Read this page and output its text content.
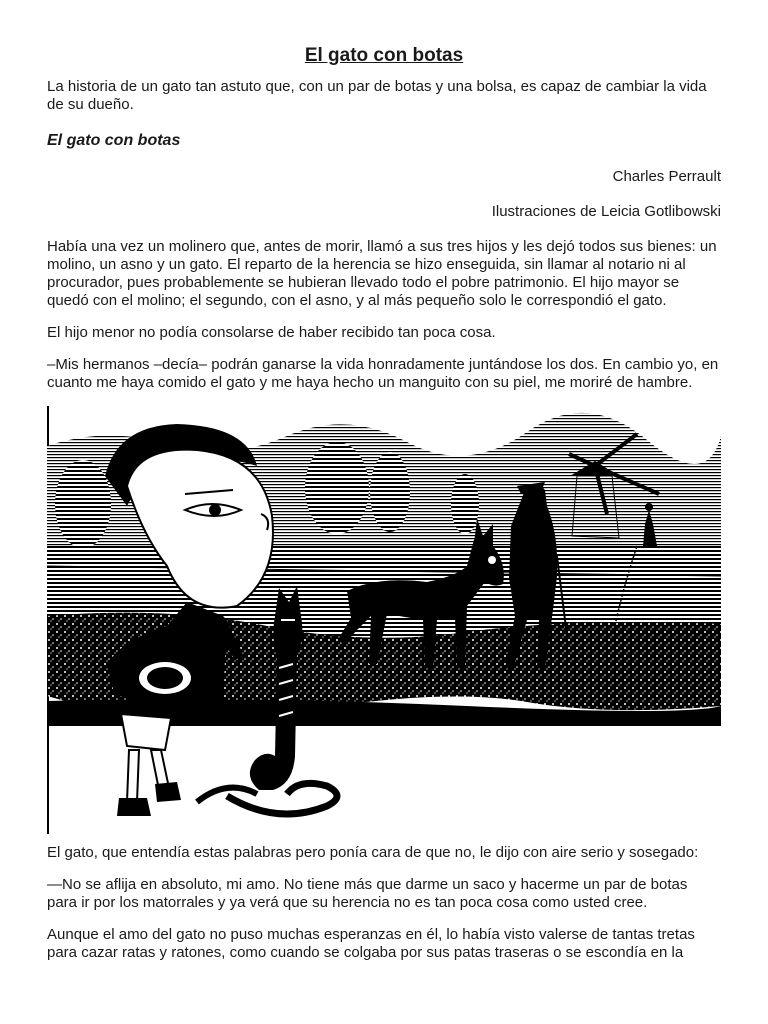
El gato con botas

La historia de un gato tan astuto que, con un par de botas y una bolsa, es capaz de cambiar la vida de su dueño.

El gato con botas

Charles Perrault

Ilustraciones de Leicia Gotlibowski

Había una vez un molinero que, antes de morir, llamó a sus tres hijos y les dejó todos sus bienes: un molino, un asno y un gato. El reparto de la herencia se hizo enseguida, sin llamar al notario ni al procurador, pues probablemente se hubieran llevado todo el pobre patrimonio. El hijo mayor se quedó con el molino; el segundo, con el asno, y al más pequeño solo le correspondió el gato.

El hijo menor no podía consolarse de haber recibido tan poca cosa.

–Mis hermanos –decía– podrán ganarse la vida honradamente juntándose los dos. En cambio yo, en cuanto me haya comido el gato y me haya hecho un manguito con su piel, me moriré de hambre.

El gato, que entendía estas palabras pero ponía cara de que no, le dijo con aire serio y sosegado:

—No se aflija en absoluto, mi amo. No tiene más que darme un saco y hacerme un par de botas para ir por los matorrales y ya verá que su herencia no es tan poca cosa como usted cree.

Aunque el amo del gato no puso muchas esperanzas en él, lo había visto valerse de tantas tretas para cazar ratas y ratones, como cuando se colgaba por sus patas traseras o se escondía en la
